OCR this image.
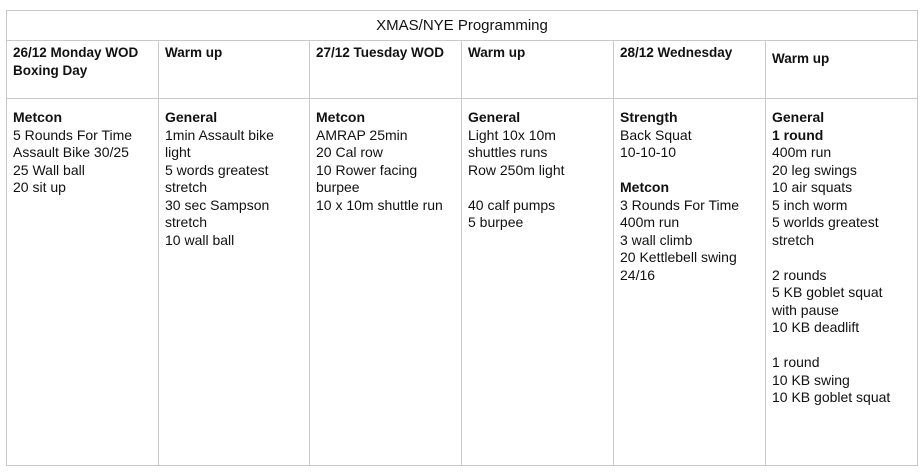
XMAS/NYE Programming
26/12 Monday WOD
Boxing Day
Metcon
5 Rounds For Time
Assault Bike 30/25
25 Wall ball
20 sit up
Warm up
General
1min Assault bike
light
5 words greatest
stretch
30 sec Sampson
stretch
10 wall ball
27/12 Tuesday WOD
Metcon
AMRAP 25min
20 Cal row
10 Rower facing
burpee
10 x 10m shuttle run
Warm up
General
Light 10x 10m
shuttles runs
Row 250m light
40 calf pumps
5 burpee
28/12 Wednesday
Strength
Back Squat
10-10-10
Metcon
3 Rounds For Time
400m run
3 wall climb
20 Kettlebell swing
24/16
Warm up
General
1 round
400m run
20 leg swings
10 air squats
5 inch worm
5 worlds greatest
stretch
2 rounds
5 KB goblet squat
with pause
10 KB deadlift
1 round
10 KB swing
10 KB goblet squat
